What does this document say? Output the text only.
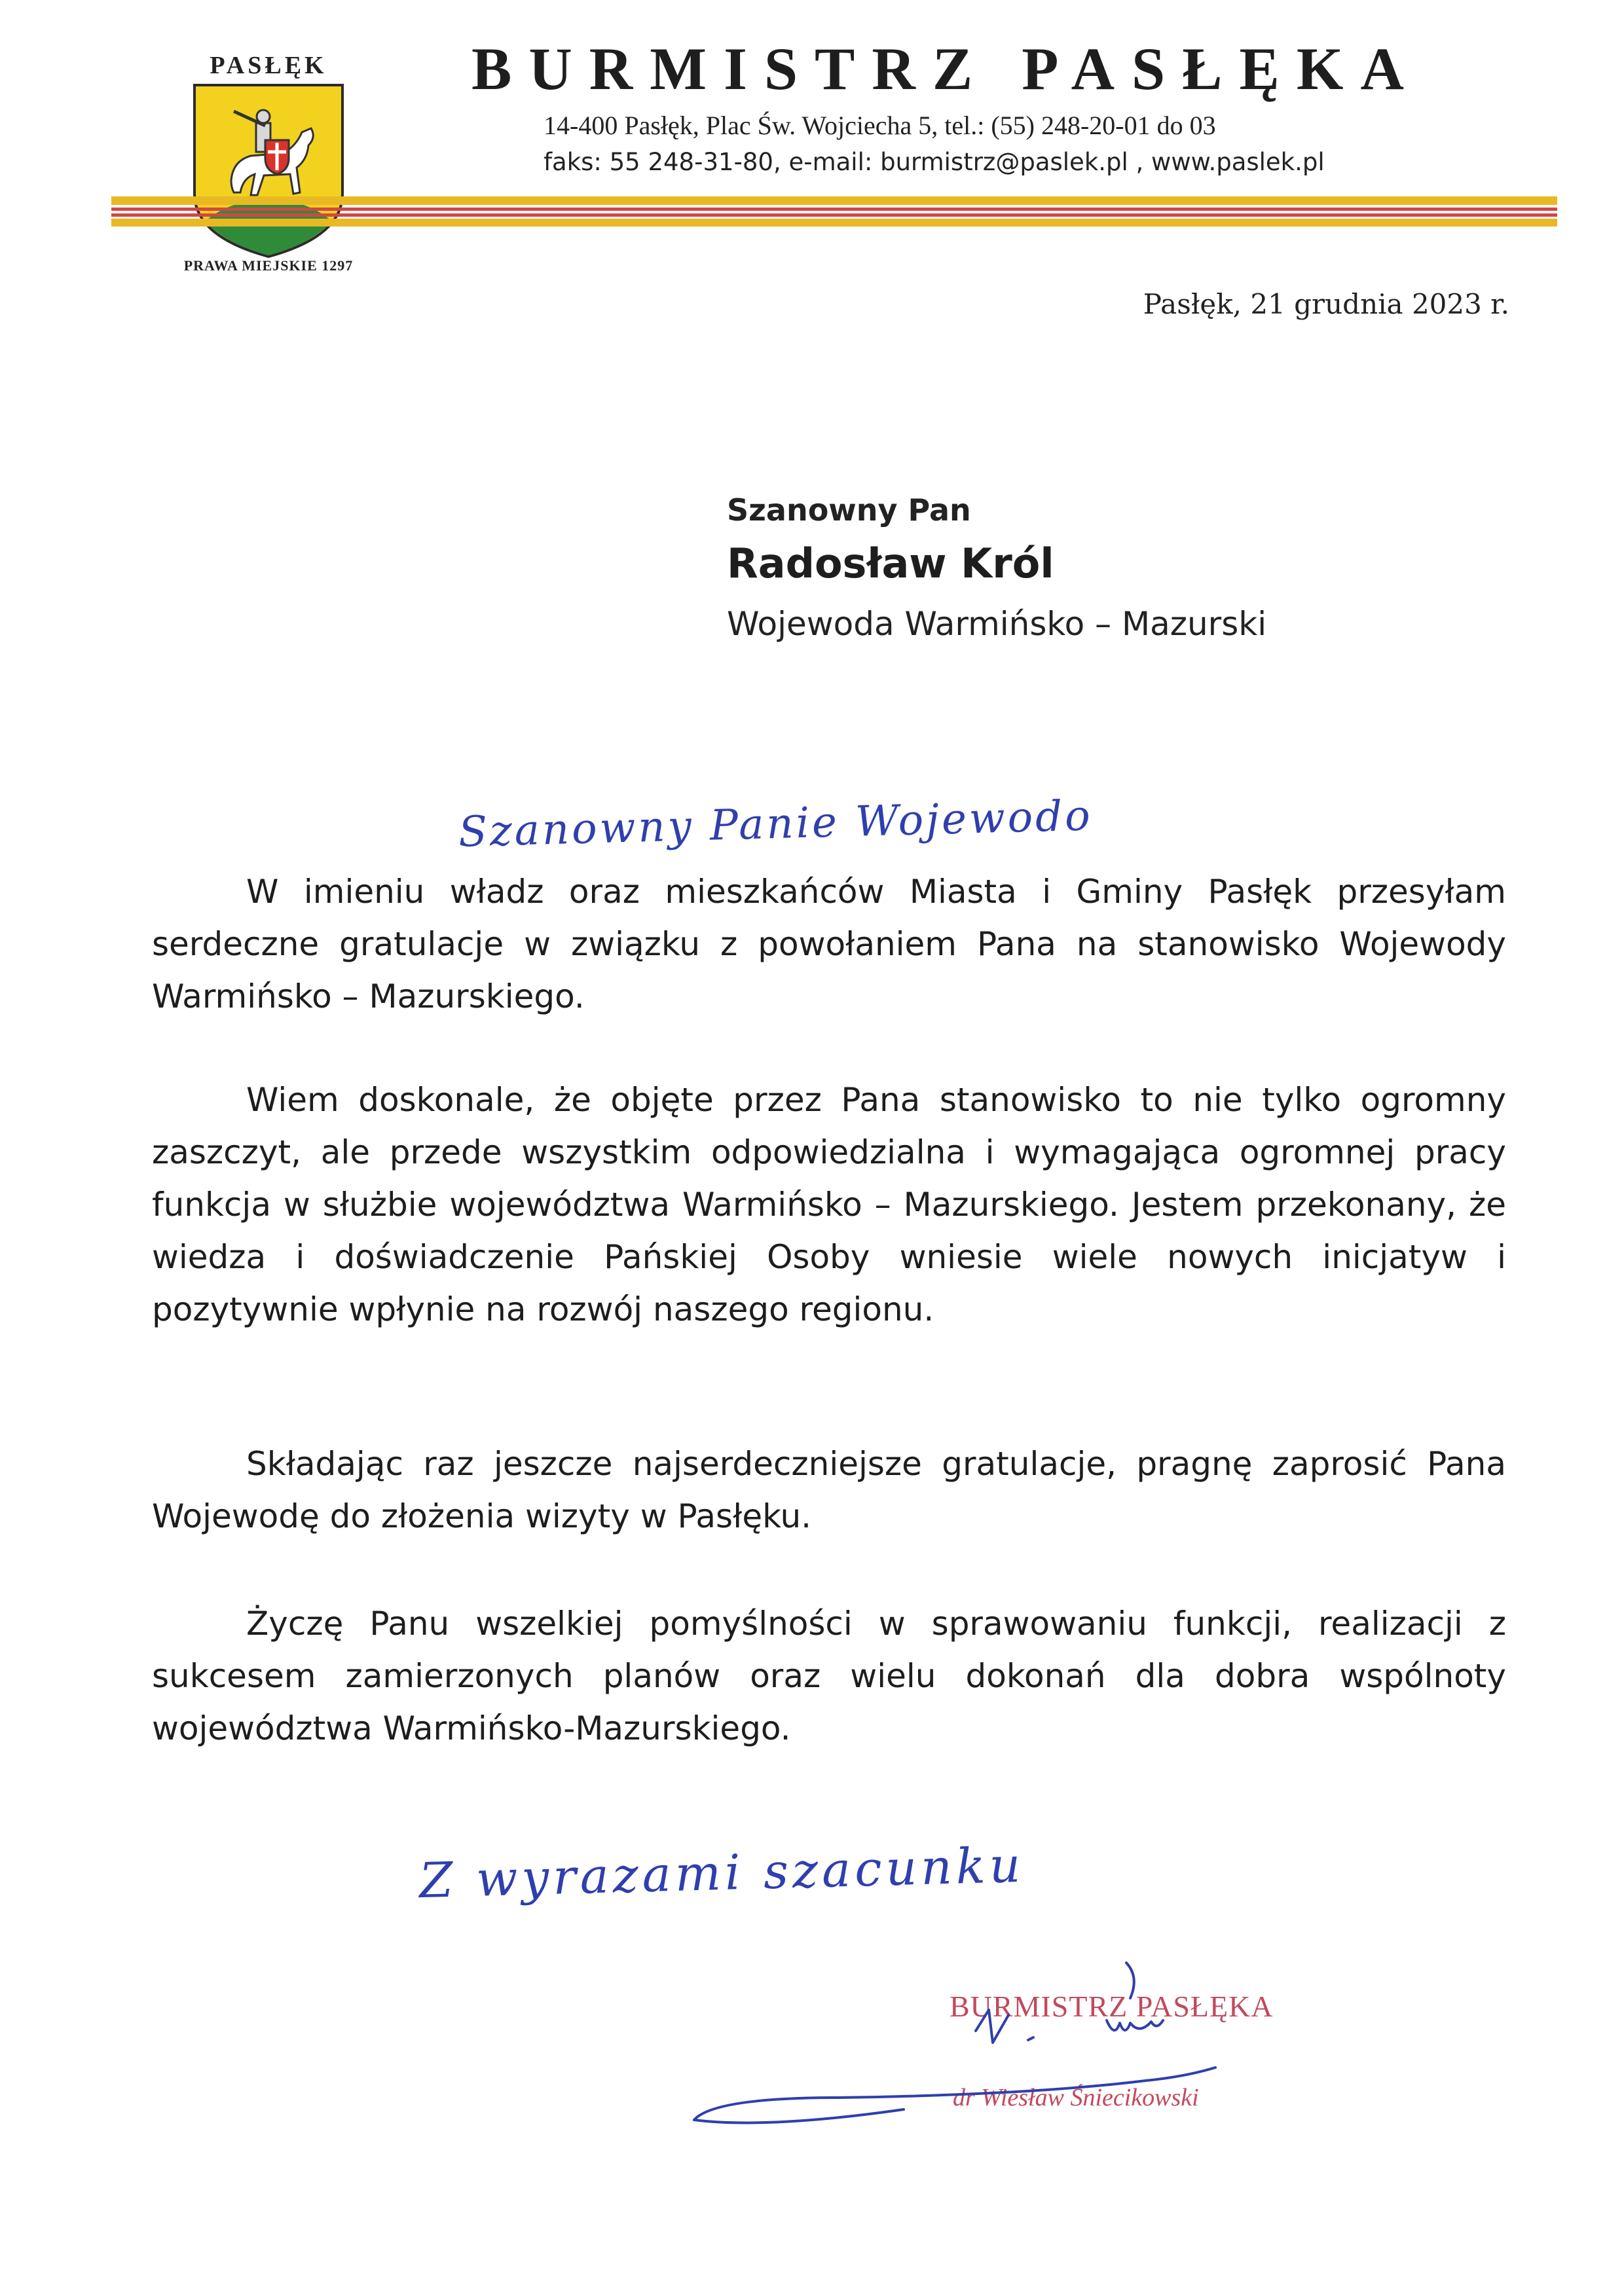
PASŁĘK
PRAWA MIEJSKIE 1297
BURMISTRZ PASŁĘKA
14-400 Pasłęk, Plac Św. Wojciecha 5, tel.: (55) 248-20-01 do 03
faks: 55 248-31-80, e-mail: burmistrz@paslek.pl , www.paslek.pl
Pasłęk, 21 grudnia 2023 r.
Szanowny Pan
Radosław Król
Wojewoda Warmińsko – Mazurski
Szanowny Panie Wojewodo
W imieniu władz oraz mieszkańców Miasta i Gminy Pasłęk przesyłam serdeczne gratulacje w związku z powołaniem Pana na stanowisko Wojewody Warmińsko – Mazurskiego.
Wiem doskonale, że objęte przez Pana stanowisko to nie tylko ogromny zaszczyt, ale przede wszystkim odpowiedzialna i wymagająca ogromnej pracy funkcja w służbie województwa Warmińsko – Mazurskiego. Jestem przekonany, że wiedza i doświadczenie Pańskiej Osoby wniesie wiele nowych inicjatyw i pozytywnie wpłynie na rozwój naszego regionu.
Składając raz jeszcze najserdeczniejsze gratulacje, pragnę zaprosić Pana Wojewodę do złożenia wizyty w Pasłęku.
Życzę Panu wszelkiej pomyślności w sprawowaniu funkcji, realizacji z sukcesem zamierzonych planów oraz wielu dokonań dla dobra wspólnoty województwa Warmińsko-Mazurskiego.
Z wyrazami szacunku
BURMISTRZ PASŁĘKA
dr Wiesław Śniecikowski
